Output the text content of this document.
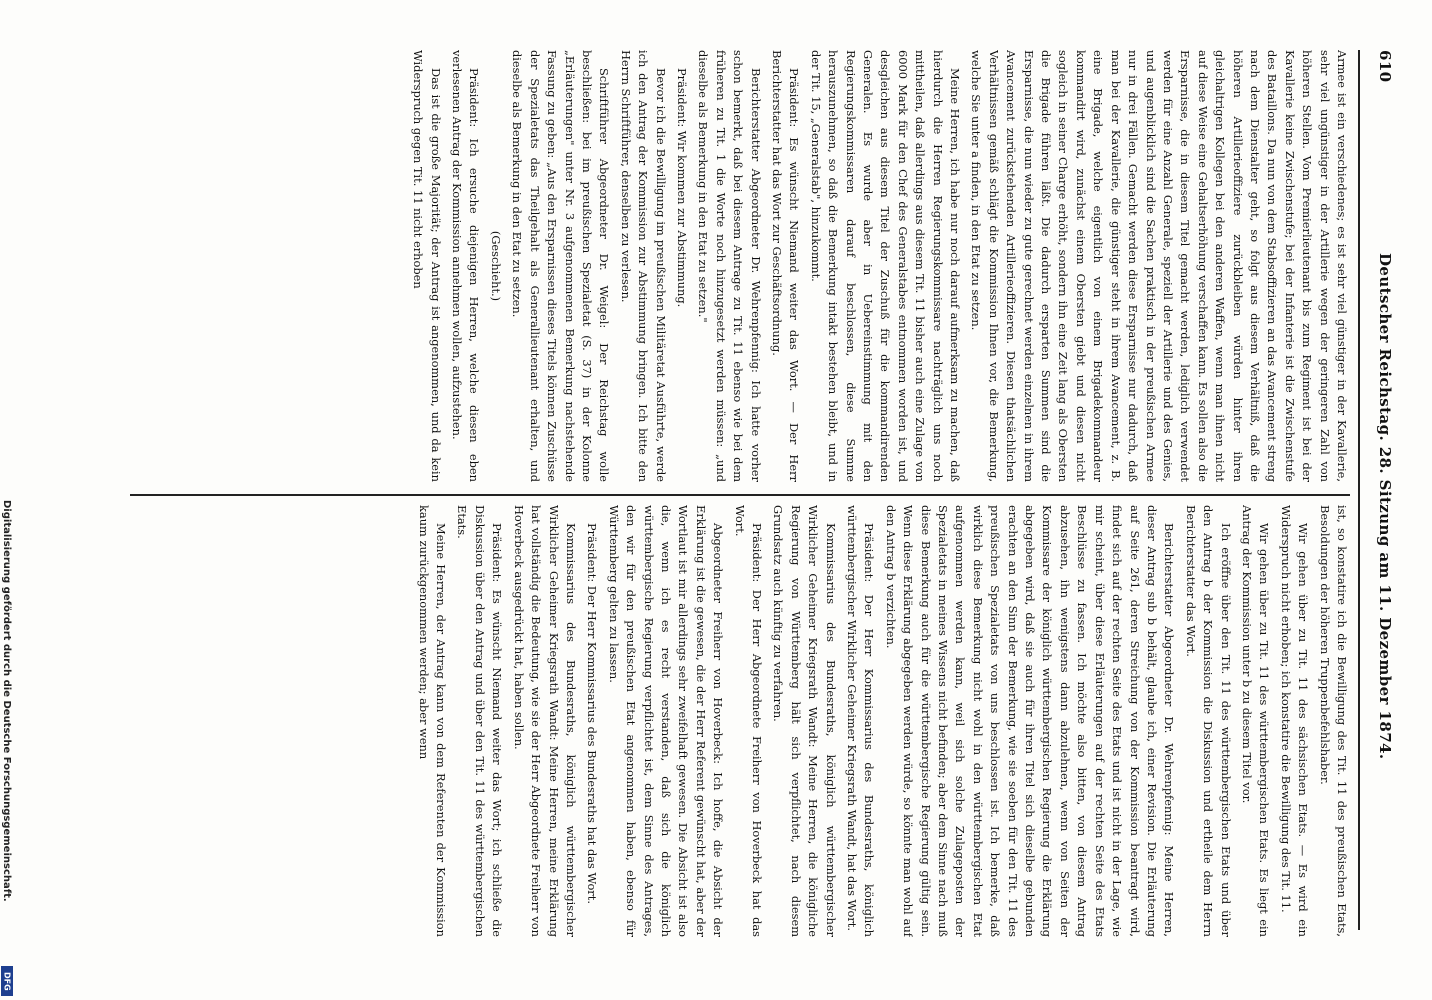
610
Deutscher Reichstag. 28. Sitzung am 11. Dezember 1874.

Armee ist ein verschiedenes; es ist sehr viel günstiger in der Kavallerie, sehr viel ungünstiger in der Artillerie wegen der geringeren Zahl von höheren Stellen. Vom Premierlieutenant bis zum Regiment ist bei der Kavallerie keine Zwischenstufe; bei der Infanterie ist die Zwischenstufe des Bataillons. Da nun von dem Stabsoffizieren an das Avancement streng nach dem Dienstalter geht, so folgt aus diesem Verhältniß, daß die höheren Artillerieoffiziere zurückbleiben würden hinter ihren gleichaltrigen Kollegen bei den anderen Waffen, wenn man ihnen nicht auf diese Weise eine Gehaltserhöhung verschaffen kann. Es sollen also die Ersparnisse, die in diesem Titel gemacht werden, lediglich verwendet werden für eine Anzahl Generale, speziell der Artillerie und des Genies, und augenblicklich sind die Sachen praktisch in der preußischen Armee nur in drei Fällen. Gemacht werden diese Ersparnisse nur dadurch, daß man bei der Kavallerie, die günstiger steht in ihrem Avancement, z. B. eine Brigade, welche eigentlich von einem Brigadekommandeur kommandirt wird, zunächst einem Obersten giebt und diesen nicht sogleich in seiner Charge erhöht, sondern ihn eine Zeit lang als Obersten die Brigade führen läßt. Die dadurch ersparten Summen sind die Ersparnisse, die nun wieder zu gute gerechnet werden einzelnen in ihrem Avancement zurückstehenden Artillerieoffizieren. Diesen thatsächlichen Verhältnissen gemäß schlägt die Kommission Ihnen vor, die Bemerkung, welche Sie unter a finden, in den Etat zu setzen.

Meine Herren, ich habe nur noch darauf aufmerksam zu machen, daß hierdurch die Herren Regierungskommissare nachträglich uns noch mittheilen, daß allerdings aus diesem Tit. 11 bisher auch eine Zulage von 6000 Mark für den Chef des Generalstabes entnommen worden ist, und desgleichen aus diesem Titel der Zuschuß für die kommandirenden Generalen. Es wurde aber in Uebereinstimmung mit den Regierungskommissaren darauf beschlossen, diese Summe herauszunehmen, so daß die Bemerkung intakt bestehen bleibt, und in der Tit. 15, „Generalstab", hinzukommt.

Präsident: Es wünscht Niemand weiter das Wort. — Der Herr Berichterstatter hat das Wort zur Geschäftsordnung.

Berichterstatter Abgeordneter Dr. Wehrenpfennig: Ich hatte vorher schon bemerkt, daß bei diesem Antrage zu Tit. 11 ebenso wie bei dem früheren zu Tit. 1 die Worte noch hinzugesetzt werden müssen: „und dieselbe als Bemerkung in den Etat zu setzen."

Präsident: Wir kommen zur Abstimmung.

Bevor ich die Bewilligung im preußischen Militäretat Ausführte, werde ich den Antrag der Kommission zur Abstimmung bringen. Ich bitte den Herrn Schriftführer, denselben zu verlesen.

Schriftführer Abgeordneter Dr. Weigel: Der Reichstag wolle beschließen: bei im preußischen Spezialetat (S. 37) in der Kolonne „Erläuterungen" unter Nr. 3 aufgenommenen Bemerkung nachstehende Fassung zu geben: „Aus den Ersparnissen dieses Titels können Zuschüsse der Spezialetats das Theilgehalt als Generallieutenant erhalten, und dieselbe als Bemerkung in den Etat zu setzen.

(Geschieht.)

Präsident: Ich ersuche diejenigen Herren, welche diesen eben verlesenen Antrag der Kommission annehmen wollen, aufzustehen.

Das ist die große Majorität; der Antrag ist angenommen, und da kein Widerspruch gegen Tit. 11 nicht erhoben

ist, so konstatire ich die Bewilligung des Tit. 11 des preußischen Etats, Besoldungen der höheren Truppenbefehlshaber.

Wir gehen über zu Tit. 11 des sächsischen Etats. — Es wird ein Widerspruch nicht erhoben; ich konstatire die Bewilligung des Tit. 11.

Wir gehen über zu Tit. 11 des württembergischen Etats. Es liegt ein Antrag der Kommission unter b zu diesem Titel vor.

Ich eröffne über den Tit. 11 des württembergischen Etats und über den Antrag b der Kommission die Diskussion und ertheile dem Herrn Berichterstatter das Wort.

Berichterstatter Abgeordneter Dr. Wehrenpfennig: Meine Herren, dieser Antrag sub b behält, glaube ich, einer Revision. Die Erläuterung auf Seite 261, deren Streichung von der Kommission beantragt wird, findet sich auf der rechten Seite des Etats und ist nicht in der Lage, wie mir scheint, über diese Erläuterungen auf der rechten Seite des Etats Beschlüsse zu fassen. Ich möchte also bitten, von diesem Antrag abzusehen, ihn wenigstens dann abzulehnen, wenn von Seiten der Kommissare der königlich württembergischen Regierung die Erklärung abgegeben wird, daß sie auch für ihren Titel sich dieselbe gebunden erachten an den Sinn der Bemerkung, wie sie soeben für den Tit. 11 des preußischen Spezialetats von uns beschlossen ist. Ich bemerke, daß wirklich diese Bemerkung nicht wohl in den württembergischen Etat aufgenommen werden kann, weil sich solche Zulageposten der Spezialetats in meines Wissens nicht befinden; aber dem Sinne nach muß diese Bemerkung auch für die württembergische Regierung gültig sein. Wenn diese Erklärung abgegeben werden würde, so könnte man wohl auf den Antrag b verzichten.

Präsident: Der Herr Kommissarius des Bundesraths, königlich württembergischer Wirklicher Geheimer Kriegsrath Wandt, hat das Wort.

Kommissarius des Bundesraths, königlich württembergischer Wirklicher Geheimer Kriegsrath Wandt: Meine Herren, die königliche Regierung von Württemberg hält sich verpflichtet, nach diesem Grundsatz auch künftig zu verfahren.

Präsident: Der Herr Abgeordnete Freiherr von Hoverbeck hat das Wort.

Abgeordneter Freiherr von Hoverbeck: Ich hoffe, die Absicht der Erklärung ist die gewesen, die der Herr Referent gewünscht hat, aber der Wortlaut ist mir allerdings sehr zweifelhaft gewesen. Die Absicht ist also die, wenn ich es recht verstanden, daß sich die königlich württembergische Regierung verpflichtet ist, dem Sinne des Antrages, den wir für den preußischen Etat angenommen haben, ebenso für Württemberg gelten zu lassen.

Präsident: Der Herr Kommissarius des Bundesraths hat das Wort.

Kommissarius des Bundesraths, königlich württembergischer Wirklicher Geheimer Kriegsrath Wandt: Meine Herren, meine Erklärung hat vollständig die Bedeutung, wie sie der Herr Abgeordnete Freiherr von Hoverbeck ausgedrückt hat, haben sollen.

Präsident: Es wünscht Niemand weiter das Wort; ich schließe die Diskussion über den Antrag und über den Tit. 11 des württembergischen Etats.

Meine Herren, der Antrag kann von dem Referenten der Kommission kaum zurückgenommen werden; aber wenn

Digitalisierung gefördert durch die Deutsche Forschungsgemeinschaft.
DFG
